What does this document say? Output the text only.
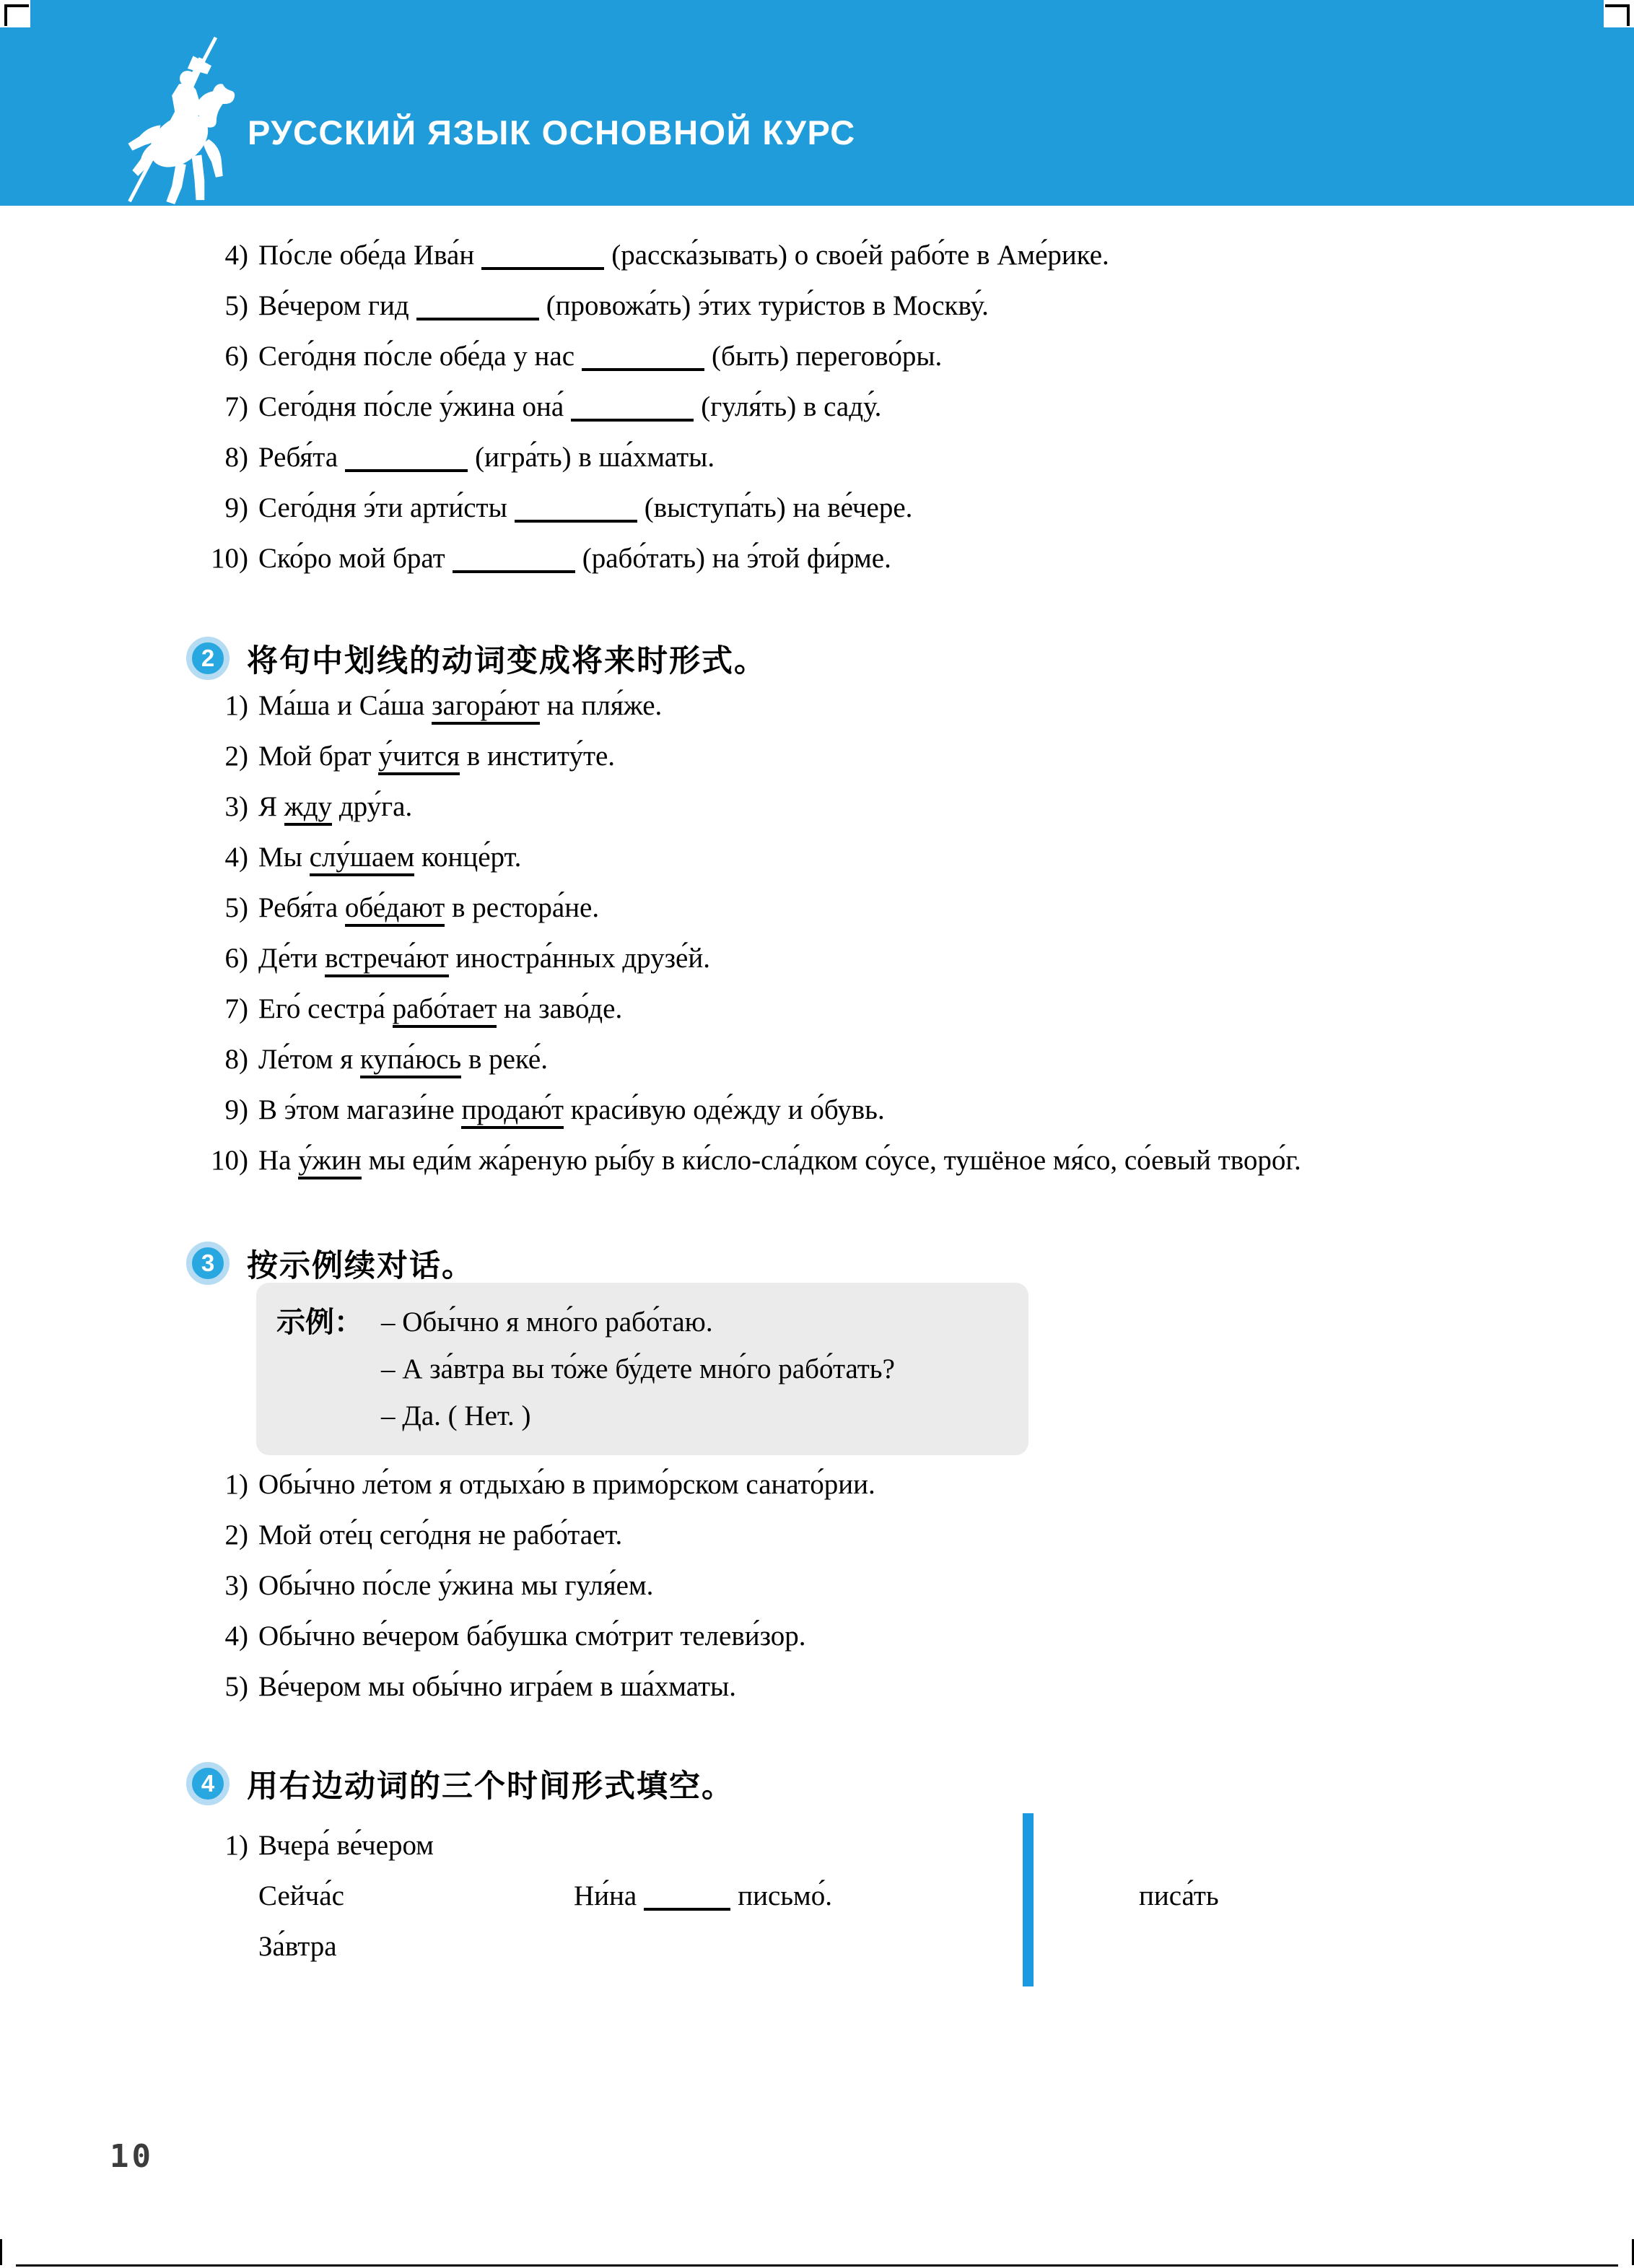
РУССКИЙ ЯЗЫК ОСНОВНОЙ КУРС
4) По́сле обе́да Ива́н	(расска́зывать) о свое́й рабо́те в Аме́рике.
5) Ве́чером гид	(провожа́ть) э́тих тури́стов в Москву́.
6) Сего́дня по́сле обе́да у нас	(быть) перегово́ры.
7) Сего́дня по́сле у́жина она́	(гуля́ть) в саду́.
8) Ребя́та	(игра́ть) в ша́хматы.
9) Сего́дня э́ти арти́сты	(выступа́ть) на ве́чере.
10) Ско́ро мой брат	(рабо́тать) на э́той фи́рме.
2	将句中划线的动词变成将来时形式。
1) Ма́ша и Са́ша загора́ют на пля́же.

2) Мой брат у́чится в институ́те.

3) Я жду дру́га.

4) Мы слу́шаем конце́рт.

5) Ребя́та обе́дают в рестора́не.

6) Де́ти встреча́ют иностра́нных друзе́й.

7) Его́ сестра́ рабо́тает на заво́де.

8) Ле́том я купа́юсь в реке́.

9) В э́том магази́не продаю́т краси́вую оде́жду и о́бувь.

10) На у́жин мы еди́м жа́реную ры́бу в ки́сло-сла́дком со́усе, тушёное мя́со, со́евый творо́г.

3	按示例续对话。
示例： – Обы́чно я мно́го рабо́таю.
– А за́втра вы то́же бу́дете мно́го рабо́тать?
– Да. ( Нет. )
1) Обы́чно ле́том я отдыха́ю в примо́рском санато́рии.
2) Мой оте́ц сего́дня не рабо́тает.
3) Обы́чно по́сле у́жина мы гуля́ем.
4) Обы́чно ве́чером ба́бушка смо́трит телеви́зор.
5) Ве́чером мы обы́чно игра́ем в ша́хматы.
4	用右边动词的三个时间形式填空。
1) Вчера́ ве́чером
Сейча́с	Ни́на	письмо́.	писа́ть
За́втра
10
